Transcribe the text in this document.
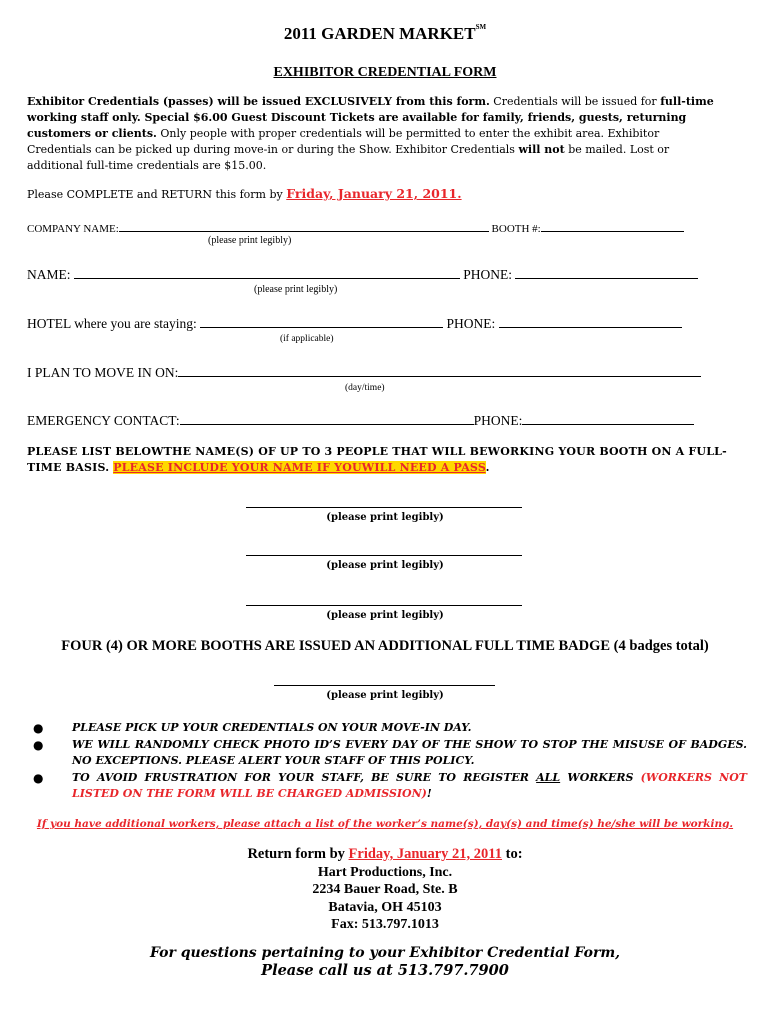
2011 GARDEN MARKET℠
EXHIBITOR CREDENTIAL FORM
Exhibitor Credentials (passes) will be issued EXCLUSIVELY from this form. Credentials will be issued for full-time working staff only. Special $6.00 Guest Discount Tickets are available for family, friends, guests, returning customers or clients. Only people with proper credentials will be permitted to enter the exhibit area. Exhibitor Credentials can be picked up during move-in or during the Show. Exhibitor Credentials will not be mailed. Lost or additional full-time credentials are $15.00.
Please COMPLETE and RETURN this form by Friday, January 21, 2011.
COMPANY NAME:	BOOTH #:
(please print legibly)
NAME:	PHONE:
(please print legibly)
HOTEL where you are staying:	PHONE:
(if applicable)
I PLAN TO MOVE IN ON:
(day/time)
EMERGENCY CONTACT:	PHONE:
PLEASE LIST BELOWTHE NAME(S) OF UP TO 3 PEOPLE THAT WILL BEWORKING YOUR BOOTH ON A FULL-TIME BASIS. PLEASE INCLUDE YOUR NAME IF YOUWILL NEED A PASS.
(please print legibly)
(please print legibly)
(please print legibly)
FOUR (4) OR MORE BOOTHS ARE ISSUED AN ADDITIONAL FULL TIME BADGE (4 badges total)
(please print legibly)
●	PLEASE PICK UP YOUR CREDENTIALS ON YOUR MOVE-IN DAY.
●	WE WILL RANDOMLY CHECK PHOTO ID’S EVERY DAY OF THE SHOW TO STOP THE MISUSE OF BADGES. NO EXCEPTIONS. PLEASE ALERT YOUR STAFF OF THIS POLICY.
●	TO AVOID FRUSTRATION FOR YOUR STAFF, BE SURE TO REGISTER ALL WORKERS (WORKERS NOT LISTED ON THE FORM WILL BE CHARGED ADMISSION)!
If you have additional workers, please attach a list of the worker’s name(s), day(s) and time(s) he/she will be working.
Return form by Friday, January 21, 2011 to:
Hart Productions, Inc.
2234 Bauer Road, Ste. B
Batavia, OH 45103
Fax: 513.797.1013
For questions pertaining to your Exhibitor Credential Form,
Please call us at 513.797.7900
